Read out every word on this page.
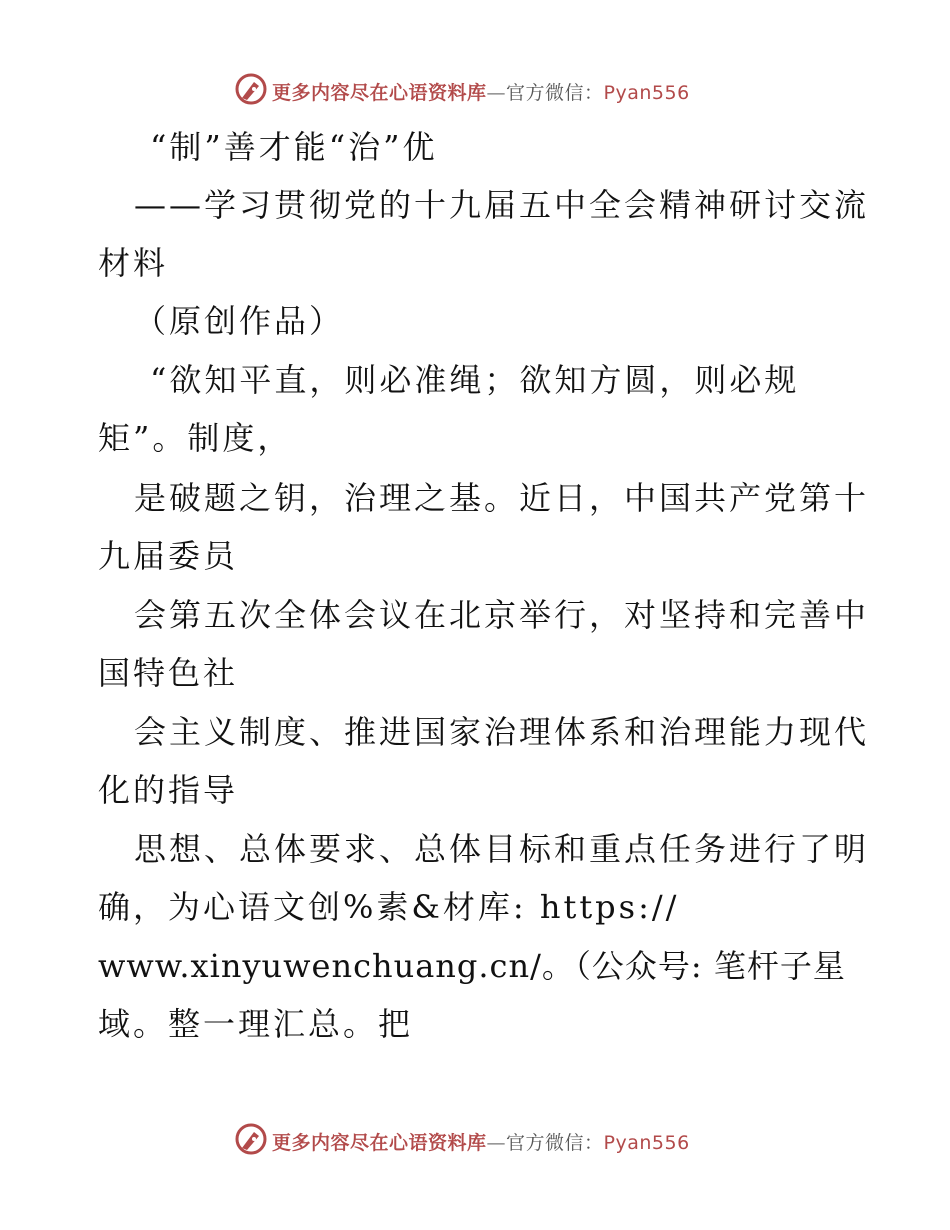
更多内容尽在心语资料库—官方微信：Pyan556
“制”善才能“治”优
——学习贯彻党的十九届五中全会精神研讨交流
材料
（原创作品）
“欲知平直，则必准绳；欲知方圆，则必规
矩”。制度，
是破题之钥，治理之基。近日，中国共产党第十
九届委员
会第五次全体会议在北京举行，对坚持和完善中
国特色社
会主义制度、推进国家治理体系和治理能力现代
化的指导
思想、总体要求、总体目标和重点任务进行了明
确，为心语文创%素&材库: https://
www.xinyuwenchuang.cn/。（公众号: 笔杆子星
域。整一理汇总。把
更多内容尽在心语资料库—官方微信：Pyan556
